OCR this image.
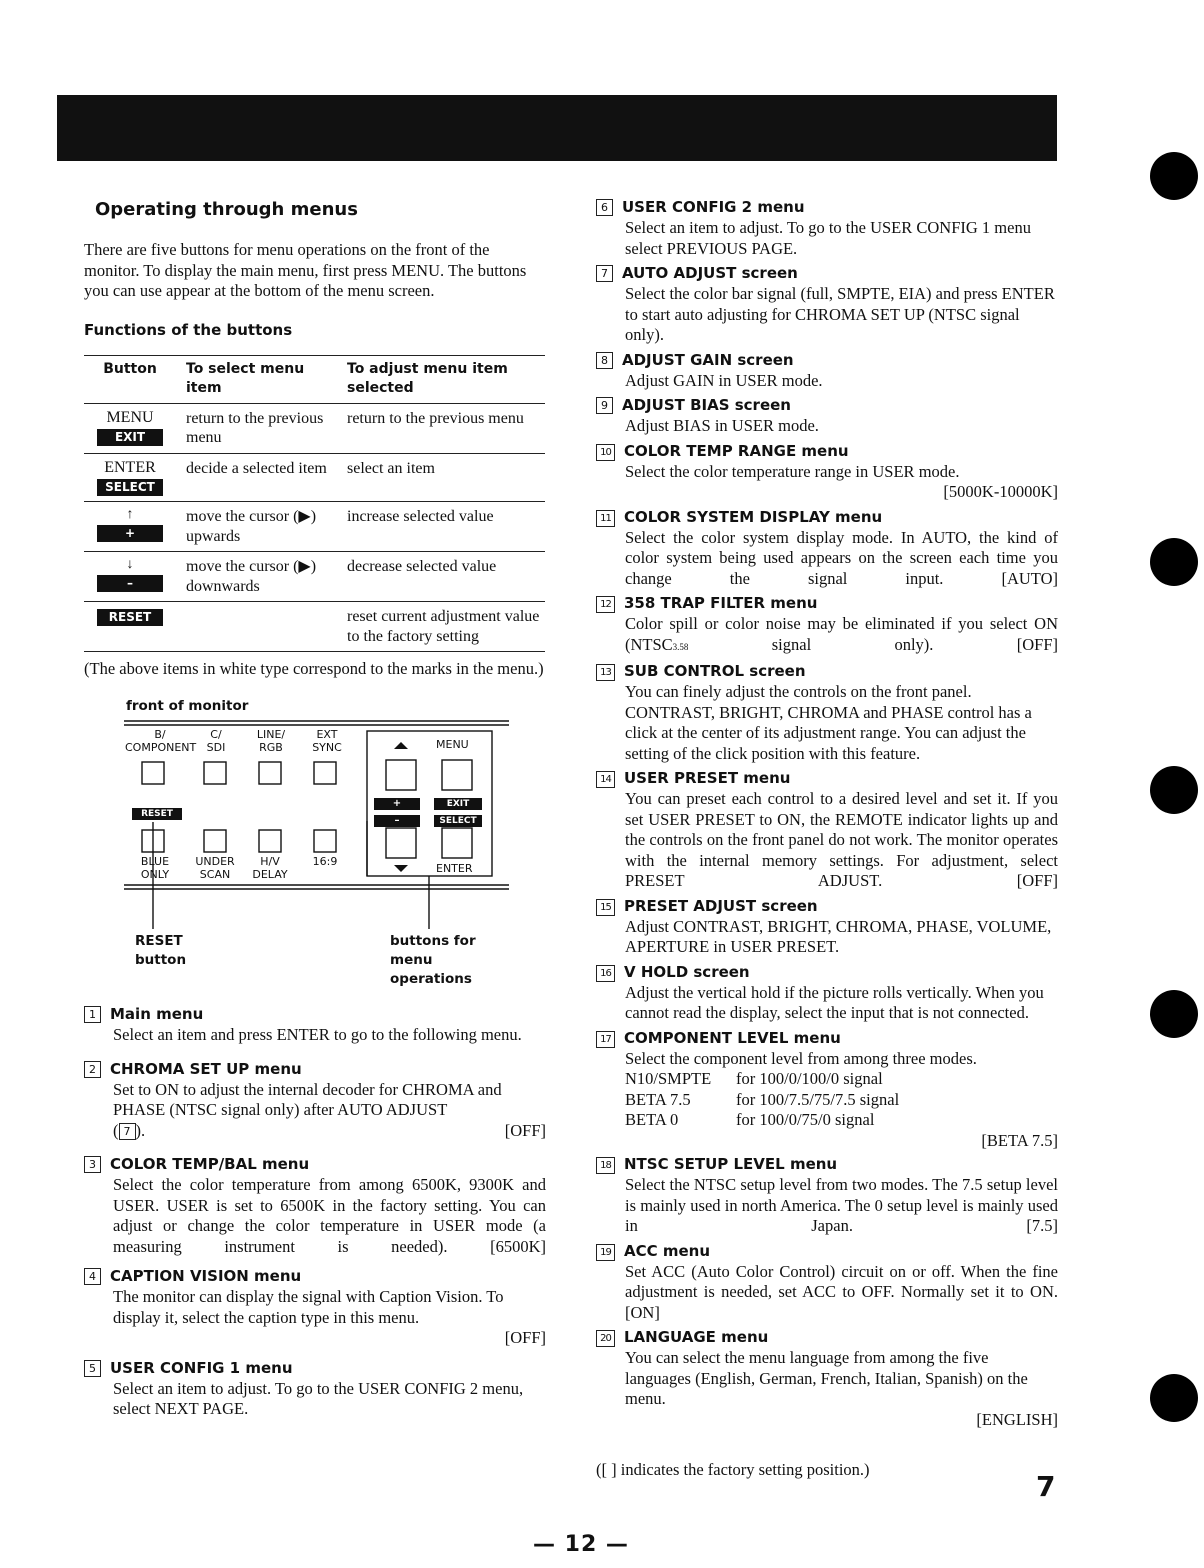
Operating through menus

There are five buttons for menu operations on the front of the monitor. To display the main menu, first press MENU. The buttons you can use appear at the bottom of the menu screen.

Functions of the buttons
Button	To select menu item	To adjust menu item selected

MENU
EXIT	return to the previous menu	return to the previous menu

ENTER
SELECT	decide a selected item	select an item

↑
+	move the cursor (▶) upwards	increase selected value

↓
–	move the cursor (▶) downwards	decrease selected value
RESET		reset current adjustment value to the factory setting

(The above items in white type correspond to the marks in the menu.)

front of monitor
B/
COMPONENT
C/
SDI
LINE/
RGB
EXT
SYNC
BLUE
ONLY
UNDER
SCAN
H/V
DELAY
16:9
RESET
MENU
ENTER
+	EXIT
–	SELECT
RESET
button
buttons for
menu
operations
1 Main menu

Select an item and press ENTER to go to the following menu.

2 CHROMA SET UP menu

Set to ON to adjust the internal decoder for CHROMA and PHASE (NTSC signal only) after AUTO ADJUST

( 7 ).	[OFF]

3 COLOR TEMP/BAL menu

Select the color temperature from among 6500K, 9300K and USER. USER is set to 6500K in the factory setting. You can adjust or change the color temperature in USER mode (a measuring instrument is needed).	[6500K]

4 CAPTION VISION menu

The monitor can display the signal with Caption Vision. To display it, select the caption type in this menu.

[OFF]

5 USER CONFIG 1 menu

Select an item to adjust. To go to the USER CONFIG 2 menu, select NEXT PAGE.

6 USER CONFIG 2 menu

Select an item to adjust. To go to the USER CONFIG 1 menu select PREVIOUS PAGE.

7 AUTO ADJUST screen

Select the color bar signal (full, SMPTE, EIA) and press ENTER to start auto adjusting for CHROMA SET UP (NTSC signal only).

8 ADJUST GAIN screen

Adjust GAIN in USER mode.

9 ADJUST BIAS screen

Adjust BIAS in USER mode.

10 COLOR TEMP RANGE menu

Select the color temperature range in USER mode.

[5000K-10000K]

11 COLOR SYSTEM DISPLAY menu

Select the color system display mode. In AUTO, the kind of color system being used appears on the screen each time you change the signal input.	[AUTO]

12 358 TRAP FILTER menu

Color spill or color noise may be eliminated if you select ON (NTSC3.58 signal only).	[OFF]

13 SUB CONTROL screen

You can finely adjust the controls on the front panel. CONTRAST, BRIGHT, CHROMA and PHASE control has a click at the center of its adjustment range. You can adjust the setting of the click position with this feature.

14 USER PRESET menu

You can preset each control to a desired level and set it. If you set USER PRESET to ON, the REMOTE indicator lights up and the controls on the front panel do not work. The monitor operates with the internal memory settings. For adjustment, select PRESET ADJUST.	[OFF]

15 PRESET ADJUST screen

Adjust CONTRAST, BRIGHT, CHROMA, PHASE, VOLUME, APERTURE in USER PRESET.

16 V HOLD screen

Adjust the vertical hold if the picture rolls vertically. When you cannot read the display, select the input that is not connected.

17 COMPONENT LEVEL menu

Select the component level from among three modes.

N10/SMPTE	for 100/0/100/0 signal
BETA 7.5	for 100/7.5/75/7.5 signal
BETA 0	for 100/0/75/0 signal

[BETA 7.5]

18 NTSC SETUP LEVEL menu

Select the NTSC setup level from two modes. The 7.5 setup level is mainly used in north America. The 0 setup level is mainly used in Japan.	[7.5]

19 ACC menu

Set ACC (Auto Color Control) circuit on or off. When the fine adjustment is needed, set ACC to OFF. Normally set it to ON. [ON]

20 LANGUAGE menu

You can select the menu language from among the five languages (English, German, French, Italian, Spanish) on the menu.

[ENGLISH]

([ ] indicates the factory setting position.)

7
— 12 —
